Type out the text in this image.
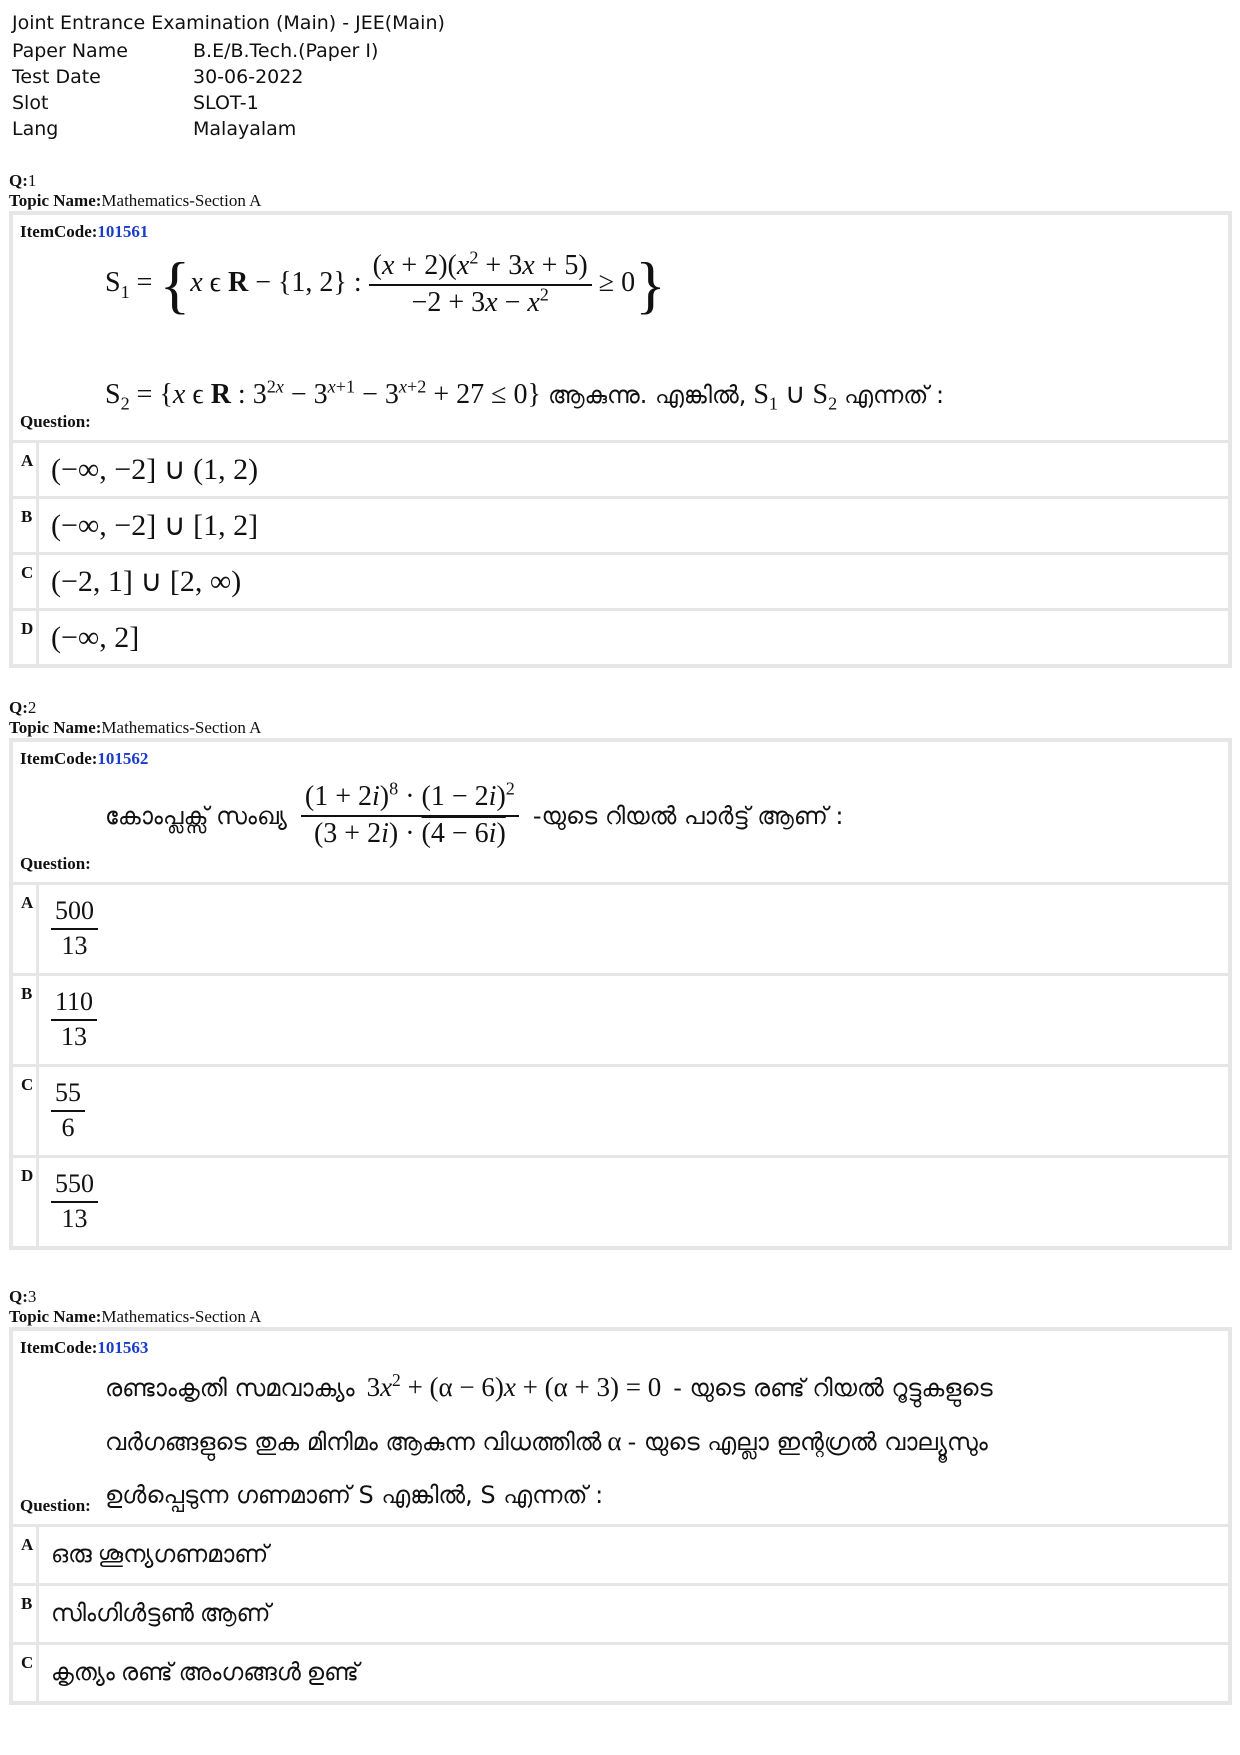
Joint Entrance Examination (Main) - JEE(Main)
Paper Name	B.E/B.Tech.(Paper I)
Test Date	30-06-2022
Slot	SLOT-1
Lang	Malayalam
Q:1
Topic Name:Mathematics-Section A
ItemCode:101561
$S_1 = \{x$ ϵ R − {1, 2} : $\frac{(x + 2)(x^2 + 3x + 5)}{-2 + 3x - x^2} \ge 0$}
$S_2 = \{x$ ϵ R : $3^{2x} - 3^{x+1} - 3^{x+2} + 27 \le 0$} ആകുന്നു. എങ്കിൽ, $S_1$ ∪ $S_2$ എന്നത് :
Question:
A (−∞, −2] ∪ (1, 2)
B (−∞, −2] ∪ [1, 2]
C (−2, 1] ∪ [2, ∞)
D (−∞, 2]
Q:2
Topic Name:Mathematics-Section A
ItemCode:101562
കോംപ്ലക്സ് സംഖ്യ $\frac{(1 + 2i)^8 \cdot (1 - 2i)^2}{(3 + 2i) \cdot (4 - 6i)}$ -യുടെ റിയൽ പാർട്ട് ആണ് :
Question:
A $\frac{500}{13}$
B $\frac{110}{13}$
C $\frac{55}{6}$
D $\frac{550}{13}$
Q:3
Topic Name:Mathematics-Section A
ItemCode:101563
രണ്ടാംകൃതി സമവാക്യം $3x^2 + (\alpha - 6)x + (\alpha + 3) = 0$ - യുടെ രണ്ട് റിയൽ റൂട്ടുകളുടെ
വർഗങ്ങളുടെ തുക മിനിമം ആകുന്ന വിധത്തിൽ α - യുടെ എല്ലാ ഇന്റഗ്രൽ വാല്യൂസും
ഉൾപ്പെടുന്ന ഗണമാണ് S എങ്കിൽ, S എന്നത് :
Question:
A ഒരു ശൂന്യഗണമാണ്
B സിംഗിൾട്ടൺ ആണ്
C കൃത്യം രണ്ട് അംഗങ്ങൾ ഉണ്ട്
